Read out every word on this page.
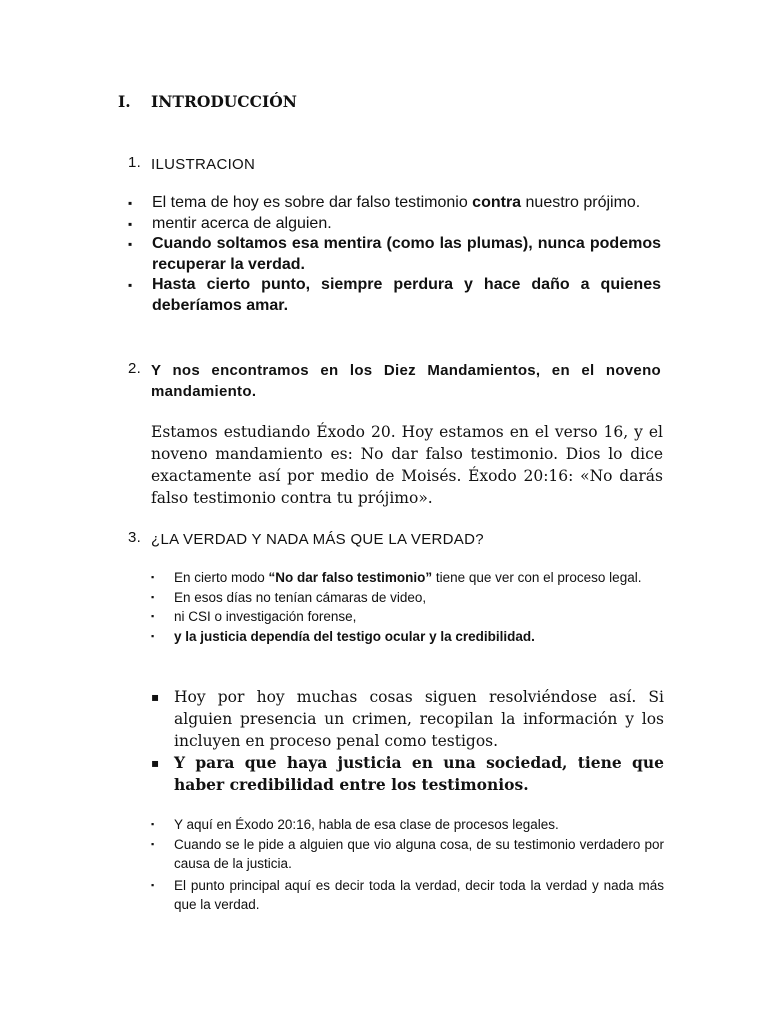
I. INTRODUCCIÓN
1. ILUSTRACION
▪ El tema de hoy es sobre dar falso testimonio contra nuestro prójimo.
▪ mentir acerca de alguien.
▪ Cuando soltamos esa mentira (como las plumas), nunca podemos recuperar la verdad.
▪ Hasta cierto punto, siempre perdura y hace daño a quienes deberíamos amar.
2. Y nos encontramos en los Diez Mandamientos, en el noveno mandamiento.
Estamos estudiando Éxodo 20. Hoy estamos en el verso 16, y el noveno mandamiento es: No dar falso testimonio. Dios lo dice exactamente así por medio de Moisés. Éxodo 20:16: «No darás falso testimonio contra tu prójimo».
3. ¿LA VERDAD Y NADA MÁS QUE LA VERDAD?
▪ En cierto modo “No dar falso testimonio” tiene que ver con el proceso legal.
▪ En esos días no tenían cámaras de video,
▪ ni CSI o investigación forense,
▪ y la justicia dependía del testigo ocular y la credibilidad.
▪ Hoy por hoy muchas cosas siguen resolviéndose así. Si alguien presencia un crimen, recopilan la información y los incluyen en proceso penal como testigos.
▪ Y para que haya justicia en una sociedad, tiene que haber credibilidad entre los testimonios.
▪ Y aquí en Éxodo 20:16, habla de esa clase de procesos legales.
▪ Cuando se le pide a alguien que vio alguna cosa, de su testimonio verdadero por causa de la justicia.
▪ El punto principal aquí es decir toda la verdad, decir toda la verdad y nada más que la verdad.
